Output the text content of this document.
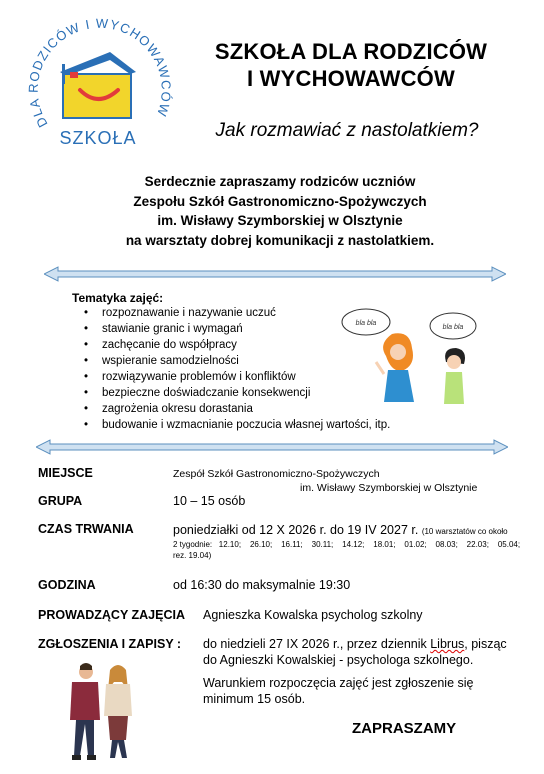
DLA RODZICÓW I WYCHOWAWCÓW
SZKOŁA
SZKOŁA DLA RODZICÓW
I WYCHOWAWCÓW
Jak rozmawiać z nastolatkiem?
Serdecznie zapraszamy rodziców uczniów
Zespołu Szkół Gastronomiczno-Spożywczych
im. Wisławy Szymborskiej w Olsztynie
na warsztaty dobrej komunikacji z nastolatkiem.
Tematyka zajęć:
• rozpoznawanie i nazywanie uczuć
• stawianie granic i wymagań
• zachęcanie do współpracy
• wspieranie samodzielności
• rozwiązywanie problemów i konfliktów
• bezpieczne doświadczanie konsekwencji
• zagrożenia okresu dorastania
• budowanie i wzmacnianie poczucia własnej wartości, itp.
bla bla
bla bla
MIEJSCE	Zespół Szkół Gastronomiczno-Spożywczych
im. Wisławy Szymborskiej w Olsztynie
GRUPA	10 – 15 osób
CZAS TRWANIA	poniedziałki od 12 X 2026 r. do 19 IV 2027 r. (10 warsztatów co około
2 tygodnie:   12.10;    26.10;    16.11;    30.11;    14.12;    18.01;    01.02;    08.03;    22.03;    05.04;
rez. 19.04)
GODZINA	od 16:30 do maksymalnie 19:30
PROWADZĄCY ZAJĘCIA Agnieszka Kowalska psycholog szkolny
ZGŁOSZENIA I ZAPISY : do niedzieli 27 IX 2026 r., przez dziennik Librus, pisząc
do Agnieszki Kowalskiej - psychologa szkolnego.
Warunkiem rozpoczęcia zajęć jest zgłoszenie się
minimum 15 osób.
ZAPRASZAMY
